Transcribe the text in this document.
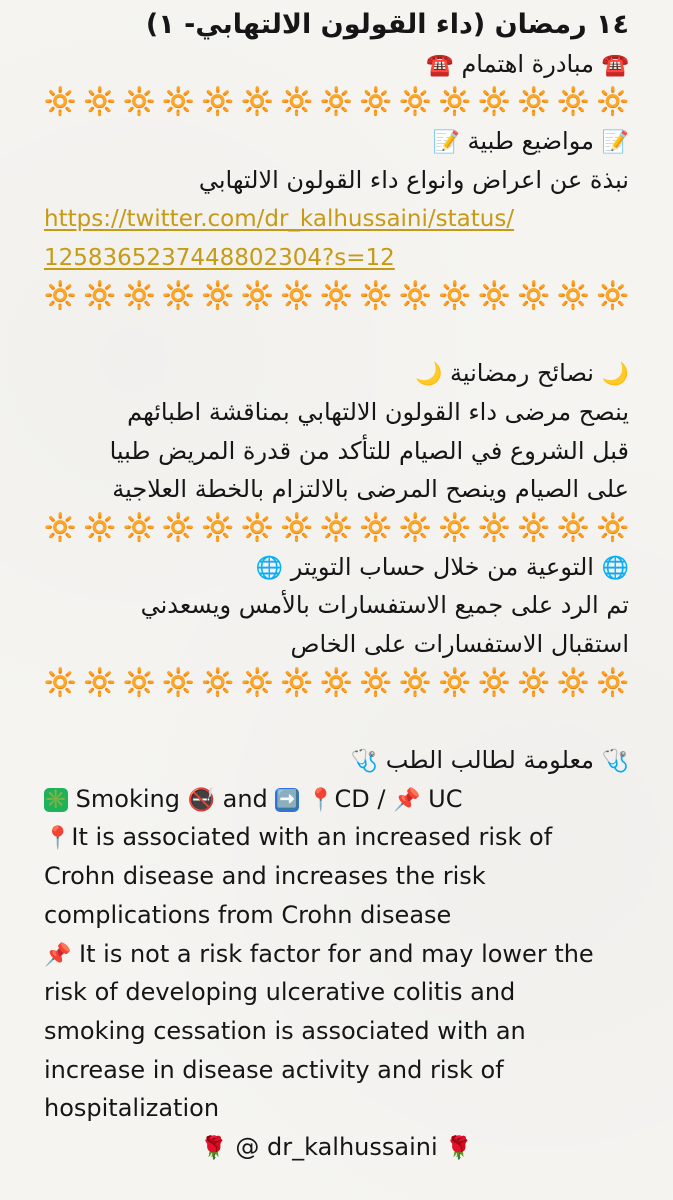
١٤ رمضان (داء القولون الالتهابي- ١)
☎️ مبادرة اهتمام ☎️
🔆 🔆 🔆 🔆 🔆 🔆 🔆 🔆 🔆 🔆 🔆 🔆 🔆 🔆 🔆
📝 مواضيع طبية 📝
نبذة عن اعراض وانواع داء القولون الالتهابي
https://twitter.com/dr_kalhussaini/status/
1258365237448802304?s=12
🔆 🔆 🔆 🔆 🔆 🔆 🔆 🔆 🔆 🔆 🔆 🔆 🔆 🔆 🔆
🌙 نصائح رمضانية 🌙
ينصح مرضى داء القولون الالتهابي بمناقشة اطبائهم
قبل الشروع في الصيام للتأكد من قدرة المريض طبيا
على الصيام وينصح المرضى بالالتزام بالخطة العلاجية
🔆 🔆 🔆 🔆 🔆 🔆 🔆 🔆 🔆 🔆 🔆 🔆 🔆 🔆 🔆
🌐 التوعية من خلال حساب التويتر 🌐
تم الرد على جميع الاستفسارات بالأمس ويسعدني
استقبال الاستفسارات على الخاص
🔆 🔆 🔆 🔆 🔆 🔆 🔆 🔆 🔆 🔆 🔆 🔆 🔆 🔆 🔆
🩺 معلومة لطالب الطب 🩺
✳️ Smoking 🚭 and ➡️ 📍CD / 📌 UC
📍It is associated with an increased risk of
Crohn disease and increases the risk
complications from Crohn disease
📌 It is not a risk factor for and may lower the
risk of developing ulcerative colitis and
smoking cessation is associated with an
increase in disease activity and risk of
hospitalization
🌹 @ dr_kalhussaini 🌹
